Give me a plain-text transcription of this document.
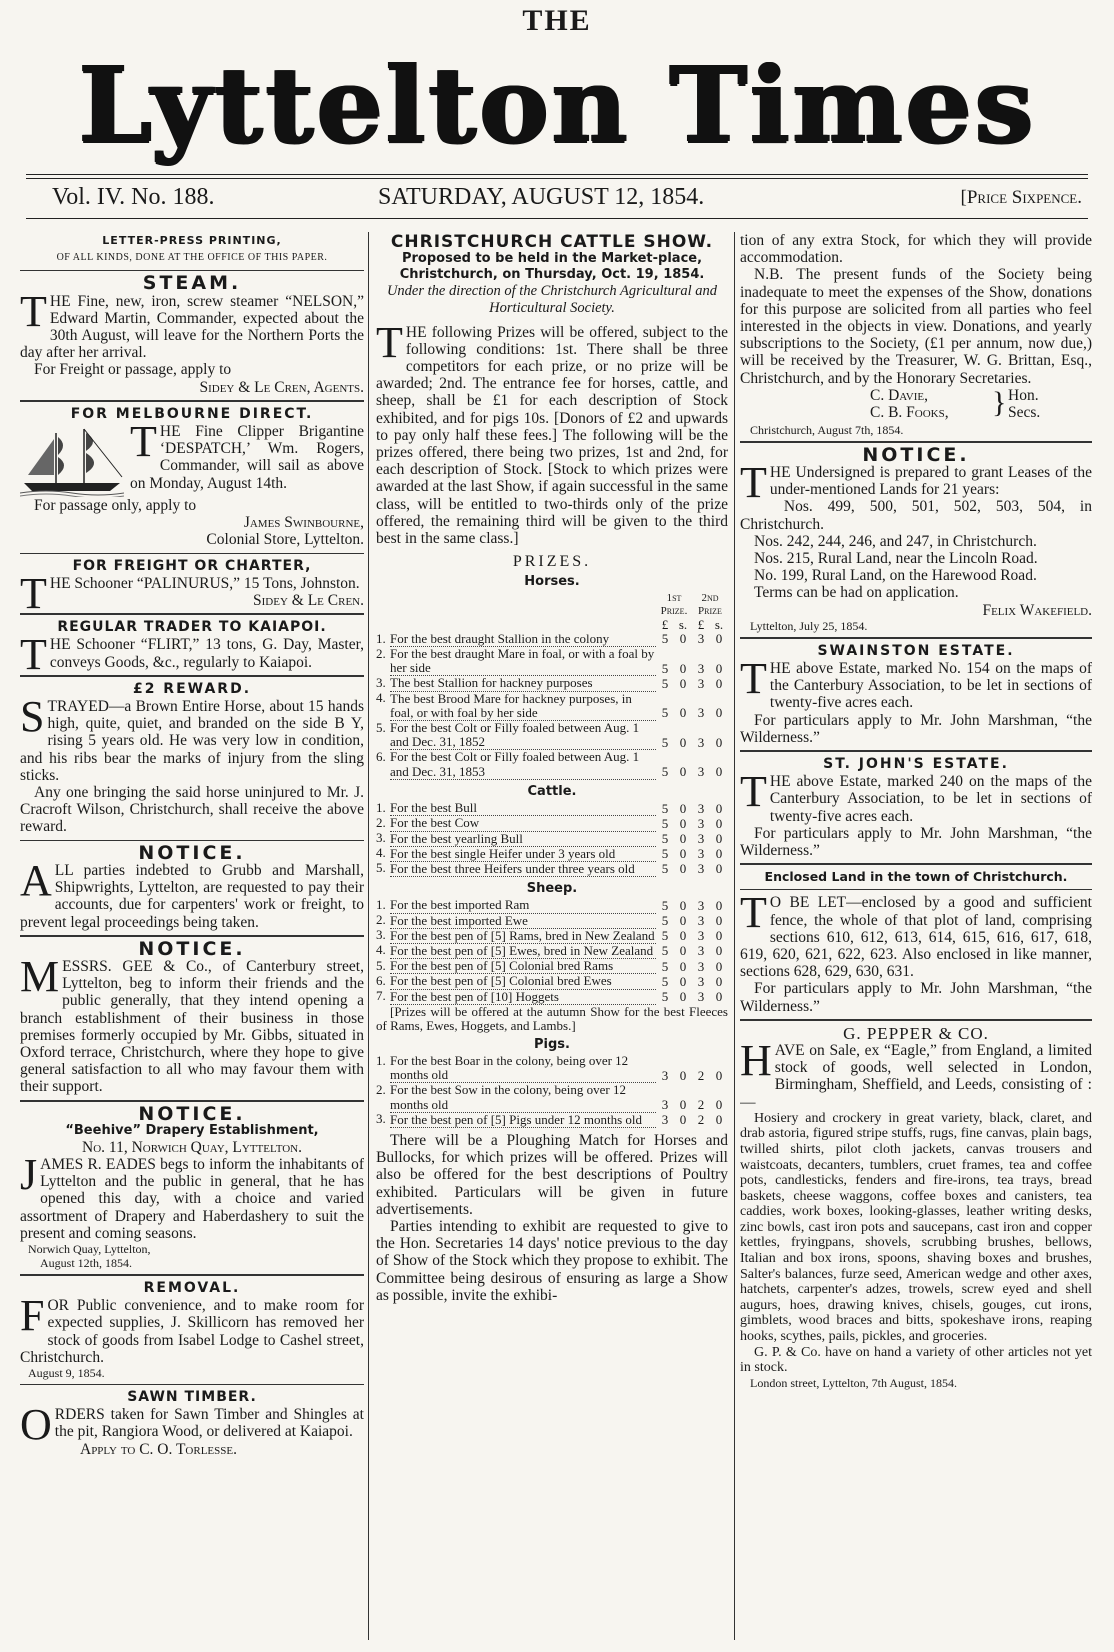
THE
Lyttelton Times
Vol. IV. No. 188.	SATURDAY, AUGUST 12, 1854.	[Price Sixpence.
LETTER-PRESS PRINTING,
OF ALL KINDS, DONE AT THE OFFICE OF THIS PAPER.
STEAM.

THE Fine, new, iron, screw steamer “NELSON,” Edward Martin, Commander, expected about the 30th August, will leave for the Northern Ports the day after her arrival.

For Freight or passage, apply to

Sidey & Le Cren, Agents.

FOR MELBOURNE DIRECT.

THE Fine Clipper Brigantine ‘DESPATCH,’ Wm. Rogers, Commander, will sail as above on Monday, August 14th.

For passage only, apply to

James Swinbourne,

Colonial Store, Lyttelton.

FOR FREIGHT OR CHARTER,

THE Schooner “PALINURUS,” 15 Tons, Johnston.

Sidey & Le Cren.

REGULAR TRADER TO KAIAPOI.

THE Schooner “FLIRT,” 13 tons, G. Day, Master, conveys Goods, &c., regularly to Kaiapoi.

£2 REWARD.

STRAYED—a Brown Entire Horse, about 15 hands high, quite, quiet, and branded on the side B Y, rising 5 years old. He was very low in condition, and his ribs bear the marks of injury from the sling sticks.

Any one bringing the said horse uninjured to Mr. J. Cracroft Wilson, Christchurch, shall receive the above reward.

NOTICE.

ALL parties indebted to Grubb and Marshall, Shipwrights, Lyttelton, are requested to pay their accounts, due for carpenters' work or freight, to prevent legal proceedings being taken.

NOTICE.

MESSRS. GEE & Co., of Canterbury street, Lyttelton, beg to inform their friends and the public generally, that they intend opening a branch establishment of their business in those premises formerly occupied by Mr. Gibbs, situated in Oxford terrace, Christchurch, where they hope to give general satisfaction to all who may favour them with their support.

NOTICE.
“Beehive” Drapery Establishment,
No. 11, Norwich Quay, Lyttelton.

JAMES R. EADES begs to inform the inhabitants of Lyttelton and the public in general, that he has opened this day, with a choice and varied assortment of Drapery and Haberdashery to suit the present and coming seasons.

Norwich Quay, Lyttelton,

August 12th, 1854.

REMOVAL.

FOR Public convenience, and to make room for expected supplies, J. Skillicorn has removed her stock of goods from Isabel Lodge to Cashel street, Christchurch.

August 9, 1854.

SAWN TIMBER.

ORDERS taken for Sawn Timber and Shingles at the pit, Rangiora Wood, or delivered at Kaiapoi.

Apply to C. O. Torlesse.

CHRISTCHURCH CATTLE SHOW.
Proposed to be held in the Market-place, Christchurch, on Thursday, Oct. 19, 1854.
Under the direction of the Christchurch Agricultural and Horticultural Society.

THE following Prizes will be offered, subject to the following conditions: 1st. There shall be three competitors for each prize, or no prize will be awarded; 2nd. The entrance fee for horses, cattle, and sheep, shall be £1 for each description of Stock exhibited, and for pigs 10s. [Donors of £2 and upwards to pay only half these fees.] The following will be the prizes offered, there being two prizes, 1st and 2nd, for each description of Stock. [Stock to which prizes were awarded at the last Show, if again successful in the same class, will be entitled to two-thirds only of the prize offered, the remaining third will be given to the third best in the same class.]

PRIZES.
Horses.
		1st Prize.		2nd Prize	
		£	s.	£	s.
1.	For the best draught Stallion in the colony	5	0	3	0
2.	For the best draught Mare in foal, or with a foal by her side	5	0	3	0
3.	The best Stallion for hackney purposes	5	0	3	0
4.	The best Brood Mare for hackney purposes, in foal, or with foal by her side	5	0	3	0
5.	For the best Colt or Filly foaled between Aug. 1 and Dec. 31, 1852	5	0	3	0
6.	For the best Colt or Filly foaled between Aug. 1 and Dec. 31, 1853	5	0	3	0
Cattle.
1.	For the best Bull	5	0	3	0
2.	For the best Cow	5	0	3	0
3.	For the best yearling Bull	5	0	3	0
4.	For the best single Heifer under 3 years old	5	0	3	0
5.	For the best three Heifers under three years old	5	0	3	0
Sheep.
1.	For the best imported Ram	5	0	3	0
2.	For the best imported Ewe	5	0	3	0
3.	For the best pen of [5] Rams, bred in New Zealand	5	0	3	0
4.	For the best pen of [5] Ewes, bred in New Zealand	5	0	3	0
5.	For the best pen of [5] Colonial bred Rams	5	0	3	0
6.	For the best pen of [5] Colonial bred Ewes	5	0	3	0
7.	For the best pen of [10] Hoggets	5	0	3	0

[Prizes will be offered at the autumn Show for the best Fleeces of Rams, Ewes, Hoggets, and Lambs.]

Pigs.
1.	For the best Boar in the colony, being over 12 months old	3	0	2	0
2.	For the best Sow in the colony, being over 12 months old	3	0	2	0
3.	For the best pen of [5] Pigs under 12 months old	3	0	2	0

There will be a Ploughing Match for Horses and Bullocks, for which prizes will be offered. Prizes will also be offered for the best descriptions of Poultry exhibited. Particulars will be given in future advertisements.

Parties intending to exhibit are requested to give to the Hon. Secretaries 14 days' notice previous to the day of Show of the Stock which they propose to exhibit. The Committee being desirous of ensuring as large a Show as possible, invite the exhibi-

tion of any extra Stock, for which they will provide accommodation.

N.B. The present funds of the Society being inadequate to meet the expenses of the Show, donations for this purpose are solicited from all parties who feel interested in the objects in view. Donations, and yearly subscriptions to the Society, (£1 per annum, now due,) will be received by the Treasurer, W. G. Brittan, Esq., Christchurch, and by the Honorary Secretaries.

C. Davie,
C. B. Fooks, } Hon.
Secs.

Christchurch, August 7th, 1854.

NOTICE.

THE Undersigned is prepared to grant Leases of the under-mentioned Lands for 21 years:

Nos. 499, 500, 501, 502, 503, 504, in Christchurch.

Nos. 242, 244, 246, and 247, in Christchurch.

Nos. 215, Rural Land, near the Lincoln Road.

No. 199, Rural Land, on the Harewood Road.

Terms can be had on application.

Felix Wakefield.

Lyttelton, July 25, 1854.

SWAINSTON ESTATE.

THE above Estate, marked No. 154 on the maps of the Canterbury Association, to be let in sections of twenty-five acres each.

For particulars apply to Mr. John Marshman, “the Wilderness.”

ST. JOHN'S ESTATE.

THE above Estate, marked 240 on the maps of the Canterbury Association, to be let in sections of twenty-five acres each.

For particulars apply to Mr. John Marshman, “the Wilderness.”

Enclosed Land in the town of Christchurch.

TO BE LET—enclosed by a good and sufficient fence, the whole of that plot of land, comprising sections 610, 612, 613, 614, 615, 616, 617, 618, 619, 620, 621, 622, 623. Also enclosed in like manner, sections 628, 629, 630, 631.

For particulars apply to Mr. John Marshman, “the Wilderness.”

G. PEPPER & CO.

HAVE on Sale, ex “Eagle,” from England, a limited stock of goods, well selected in London, Birmingham, Sheffield, and Leeds, consisting of :—

Hosiery and crockery in great variety, black, claret, and drab astoria, figured stripe stuffs, rugs, fine canvas, plain bags, twilled shirts, pilot cloth jackets, canvas trousers and waistcoats, decanters, tumblers, cruet frames, tea and coffee pots, candlesticks, fenders and fire-irons, tea trays, bread baskets, cheese waggons, coffee boxes and canisters, tea caddies, work boxes, looking-glasses, leather writing desks, zinc bowls, cast iron pots and saucepans, cast iron and copper kettles, fryingpans, shovels, scrubbing brushes, bellows, Italian and box irons, spoons, shaving boxes and brushes, Salter's balances, furze seed, American wedge and other axes, hatchets, carpenter's adzes, trowels, screw eyed and shell augurs, hoes, drawing knives, chisels, gouges, cut irons, gimblets, wood braces and bitts, spokeshave irons, reaping hooks, scythes, pails, pickles, and groceries.

G. P. & Co. have on hand a variety of other articles not yet in stock.

London street, Lyttelton, 7th August, 1854.
